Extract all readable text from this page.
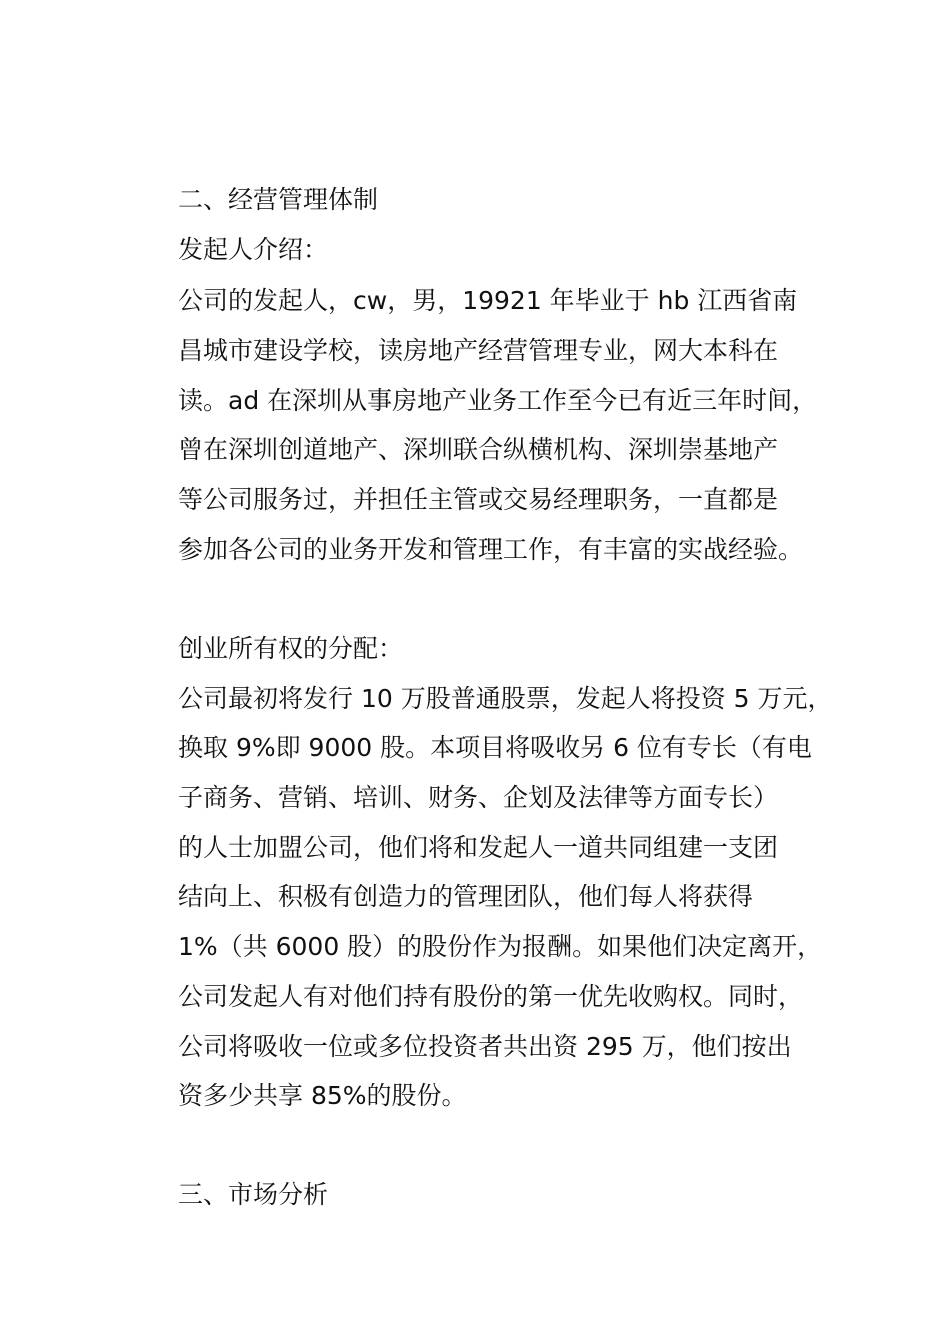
二、经营管理体制
发起人介绍：
公司的发起人，cw，男，19921 年毕业于 hb 江西省南
昌城市建设学校，读房地产经营管理专业，网大本科在
读。ad 在深圳从事房地产业务工作至今已有近三年时间，
曾在深圳创道地产、深圳联合纵横机构、深圳崇基地产
等公司服务过，并担任主管或交易经理职务，一直都是
参加各公司的业务开发和管理工作，有丰富的实战经验。
创业所有权的分配：
公司最初将发行 10 万股普通股票，发起人将投资 5 万元，
换取 9%即 9000 股。本项目将吸收另 6 位有专长（有电
子商务、营销、培训、财务、企划及法律等方面专长）
的人士加盟公司，他们将和发起人一道共同组建一支团
结向上、积极有创造力的管理团队，他们每人将获得
1%（共 6000 股）的股份作为报酬。如果他们决定离开，
公司发起人有对他们持有股份的第一优先收购权。同时，
公司将吸收一位或多位投资者共出资 295 万，他们按出
资多少共享 85%的股份。
三、市场分析
